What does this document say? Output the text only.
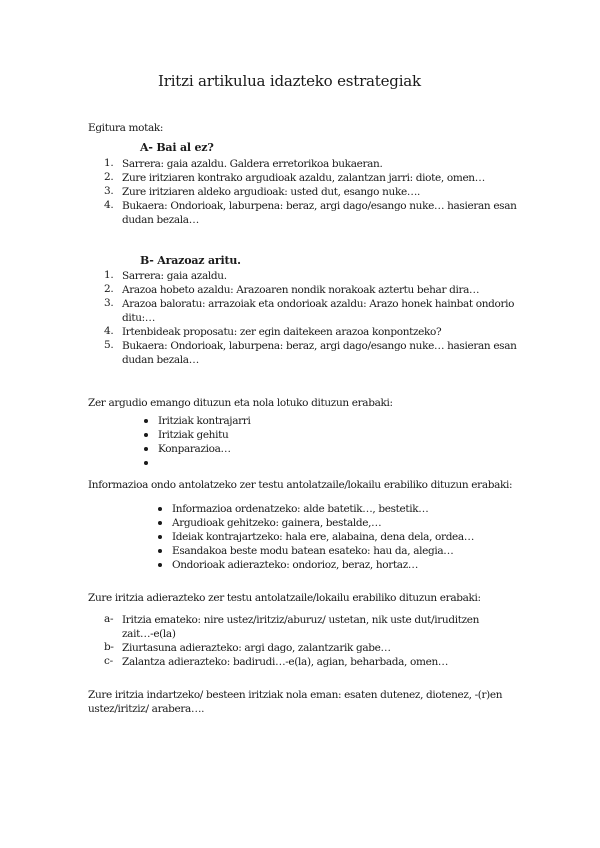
Iritzi artikulua idazteko estrategiak
Egitura motak:
A- Bai al ez?
1. Sarrera: gaia azaldu. Galdera erretorikoa bukaeran.
2. Zure iritziaren kontrako argudioak azaldu, zalantzan jarri: diote, omen…
3. Zure iritziaren aldeko argudioak: usted dut, esango nuke….
4. Bukaera: Ondorioak, laburpena: beraz, argi dago/esango nuke… hasieran esan
dudan bezala…
B- Arazoaz aritu.
1. Sarrera: gaia azaldu.
2. Arazoa hobeto azaldu: Arazoaren nondik norakoak aztertu behar dira…
3. Arazoa baloratu: arrazoiak eta ondorioak azaldu: Arazo honek hainbat ondorio
ditu:…
4. Irtenbideak proposatu: zer egin daitekeen arazoa konpontzeko?
5. Bukaera: Ondorioak, laburpena: beraz, argi dago/esango nuke… hasieran esan
dudan bezala…
Zer argudio emango dituzun eta nola lotuko dituzun erabaki:
Iritziak kontrajarri
Iritziak gehitu
Konparazioa…
Informazioa ondo antolatzeko zer testu antolatzaile/lokailu erabiliko dituzun erabaki:
Informazioa ordenatzeko: alde batetik…, bestetik…
Argudioak gehitzeko: gainera, bestalde,…
Ideiak kontrajartzeko: hala ere, alabaina, dena dela, ordea…
Esandakoa beste modu batean esateko: hau da, alegia…
Ondorioak adierazteko: ondorioz, beraz, hortaz…
Zure iritzia adierazteko zer testu antolatzaile/lokailu erabiliko dituzun erabaki:
a- Iritzia emateko: nire ustez/iritziz/aburuz/ ustetan, nik uste dut/iruditzen
zait…-e(la)
b- Ziurtasuna adierazteko: argi dago, zalantzarik gabe…
c- Zalantza adierazteko: badirudi…-e(la), agian, beharbada, omen…
Zure iritzia indartzeko/ besteen iritziak nola eman: esaten dutenez, diotenez, -(r)en
ustez/iritziz/ arabera….
